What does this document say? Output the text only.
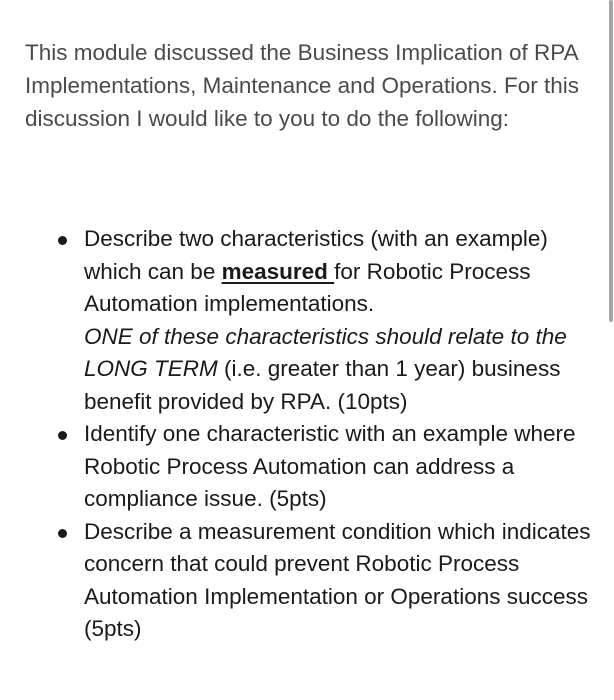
This module discussed the Business Implication of RPA Implementations, Maintenance and Operations. For this discussion I would like to you to do the following:

Describe two characteristics (with an example) which can be measured for Robotic Process Automation implementations.
ONE of these characteristics should relate to the LONG TERM (i.e. greater than 1 year) business benefit provided by RPA. (10pts)
Identify one characteristic with an example where Robotic Process Automation can address a compliance issue. (5pts)
Describe a measurement condition which indicates concern that could prevent Robotic Process Automation Implementation or Operations success (5pts)
